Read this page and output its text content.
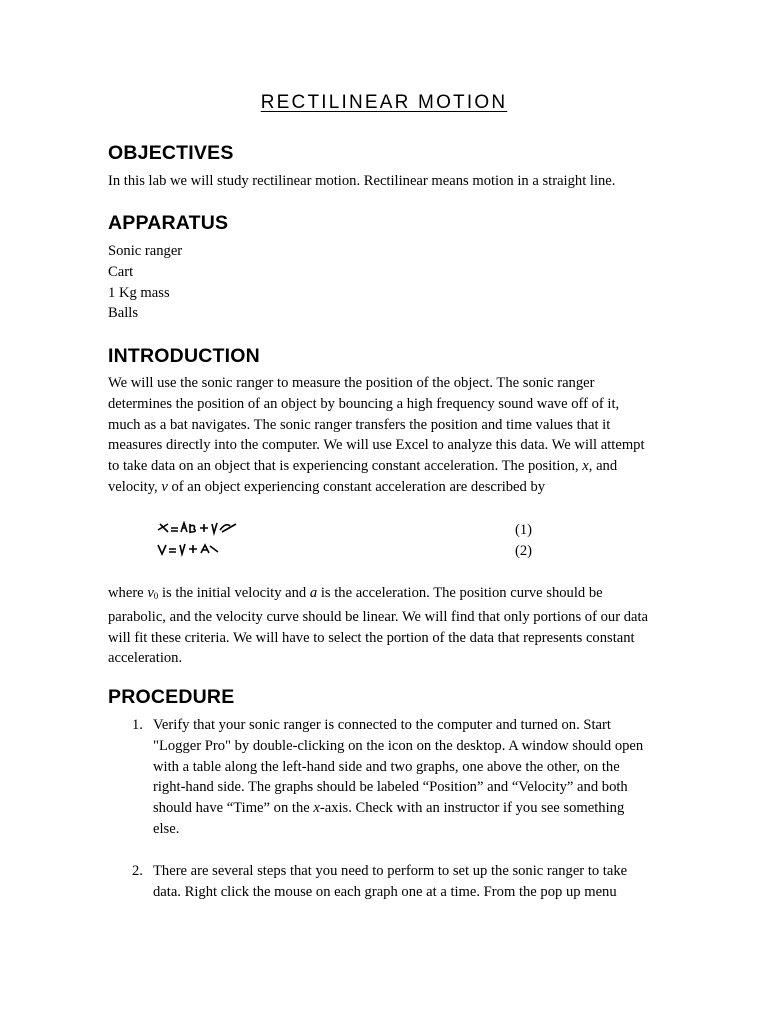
RECTILINEAR MOTION
OBJECTIVES

In this lab we will study rectilinear motion. Rectilinear means motion in a straight line.

APPARATUS
Sonic ranger
Cart
1 Kg mass
Balls
INTRODUCTION

We will use the sonic ranger to measure the position of the object. The sonic ranger determines the position of an object by bouncing a high frequency sound wave off of it, much as a bat navigates. The sonic ranger transfers the position and time values that it measures directly into the computer. We will use Excel to analyze this data. We will attempt to take data on an object that is experiencing constant acceleration. The position, x, and velocity, v of an object experiencing constant acceleration are described by

(1)
(2)

where $v_0$ is the initial velocity and a is the acceleration. The position curve should be parabolic, and the velocity curve should be linear. We will find that only portions of our data will fit these criteria. We will have to select the portion of the data that represents constant acceleration.

PROCEDURE
1. Verify that your sonic ranger is connected to the computer and turned on. Start "Logger Pro" by double-clicking on the icon on the desktop. A window should open with a table along the left-hand side and two graphs, one above the other, on the right-hand side. The graphs should be labeled “Position” and “Velocity” and both should have “Time” on the x-axis. Check with an instructor if you see something else.

2. There are several steps that you need to perform to set up the sonic ranger to take data. Right click the mouse on each graph one at a time. From the pop up menu
